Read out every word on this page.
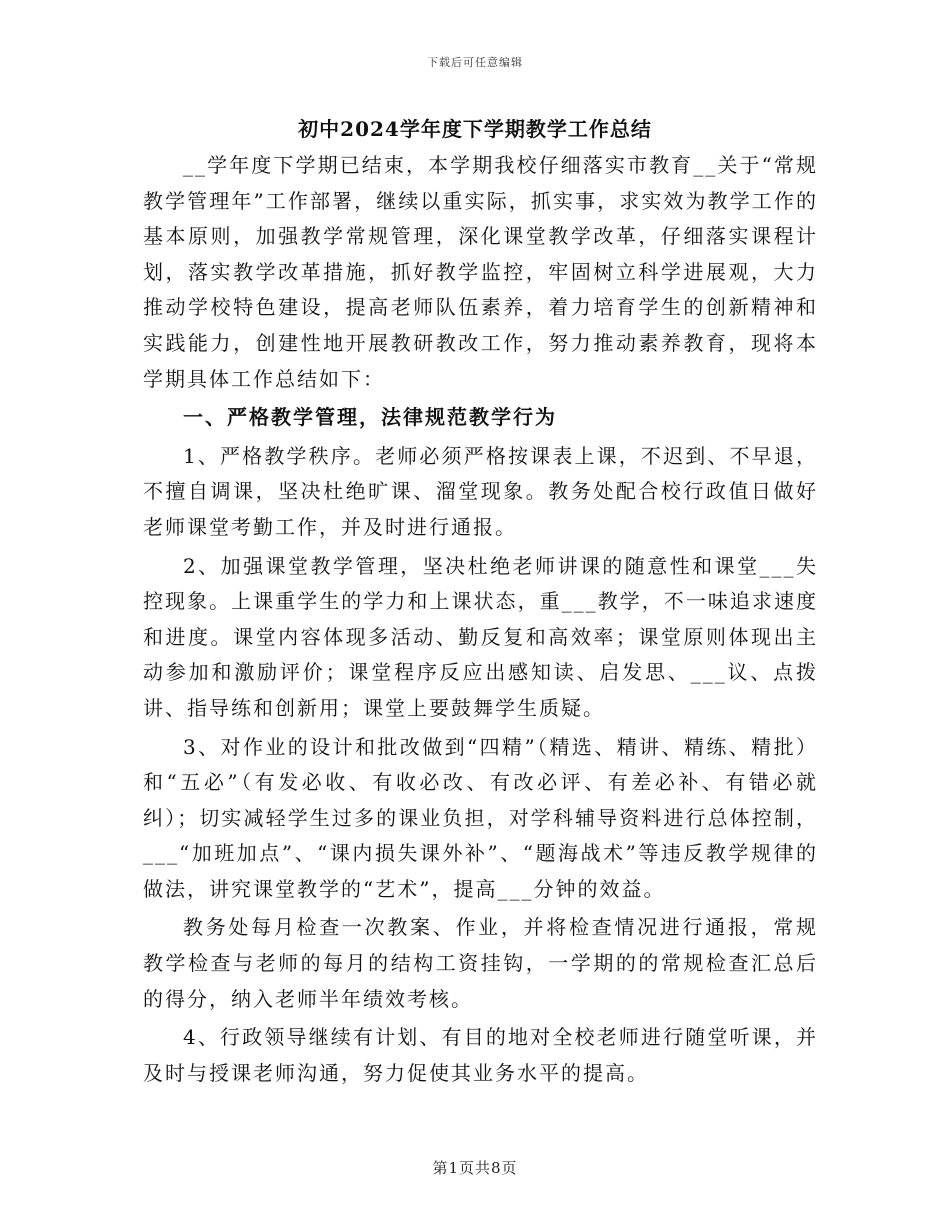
下载后可任意编辑
初中2024学年度下学期教学工作总结

__学年度下学期已结束，本学期我校仔细落实市教育__关于“常规教学管理年”工作部署，继续以重实际，抓实事，求实效为教学工作的基本原则，加强教学常规管理，深化课堂教学改革，仔细落实课程计划，落实教学改革措施，抓好教学监控，牢固树立科学进展观，大力推动学校特色建设，提高老师队伍素养，着力培育学生的创新精神和实践能力，创建性地开展教研教改工作，努力推动素养教育，现将本学期具体工作总结如下：

一、严格教学管理，法律规范教学行为

1、严格教学秩序。老师必须严格按课表上课，不迟到、不早退，不擅自调课，坚决杜绝旷课、溜堂现象。教务处配合校行政值日做好老师课堂考勤工作，并及时进行通报。

2、加强课堂教学管理，坚决杜绝老师讲课的随意性和课堂___失控现象。上课重学生的学力和上课状态，重___教学，不一味追求速度和进度。课堂内容体现多活动、勤反复和高效率；课堂原则体现出主动参加和激励评价；课堂程序反应出感知读、启发思、___议、点拨讲、指导练和创新用；课堂上要鼓舞学生质疑。

3、对作业的设计和批改做到“四精”（精选、精讲、精练、精批）和“五必”（有发必收、有收必改、有改必评、有差必补、有错必就纠）；切实减轻学生过多的课业负担，对学科辅导资料进行总体控制，___“加班加点”、“课内损失课外补”、“题海战术”等违反教学规律的做法，讲究课堂教学的“艺术”，提高___分钟的效益。

教务处每月检查一次教案、作业，并将检查情况进行通报，常规教学检查与老师的每月的结构工资挂钩，一学期的的常规检查汇总后的得分，纳入老师半年绩效考核。

4、行政领导继续有计划、有目的地对全校老师进行随堂听课，并及时与授课老师沟通，努力促使其业务水平的提高。

第1页共8页
